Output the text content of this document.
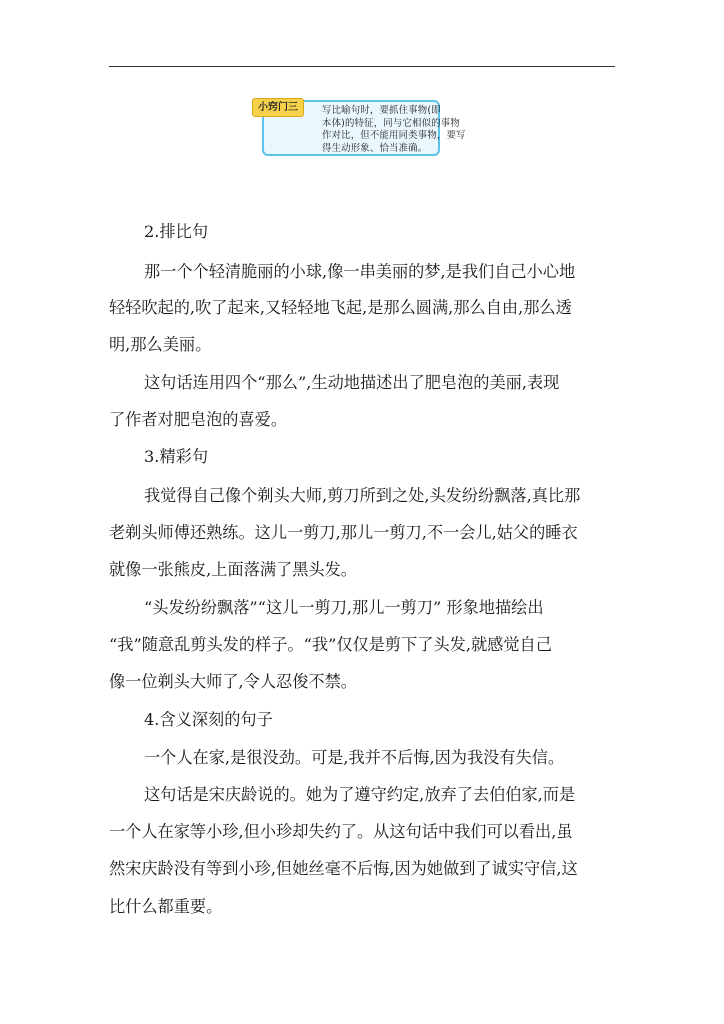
小窍门三	写比喻句时，要抓住事物(即
本体)的特征，同与它相似的事物
作对比，但不能用同类事物，要写
得生动形象、恰当准确。
2.排比句
那一个个轻清脆丽的小球,像一串美丽的梦,是我们自己小心地
轻轻吹起的,吹了起来,又轻轻地飞起,是那么圆满,那么自由,那么透
明,那么美丽。
这句话连用四个“那么”,生动地描述出了肥皂泡的美丽,表现
了作者对肥皂泡的喜爱。
3.精彩句
我觉得自己像个剃头大师,剪刀所到之处,头发纷纷飘落,真比那
老剃头师傅还熟练。这儿一剪刀,那儿一剪刀,不一会儿,姑父的睡衣
就像一张熊皮,上面落满了黑头发。
“头发纷纷飘落”“这儿一剪刀,那儿一剪刀” 形象地描绘出
“我”随意乱剪头发的样子。“我”仅仅是剪下了头发,就感觉自己
像一位剃头大师了,令人忍俊不禁。
4.含义深刻的句子
一个人在家,是很没劲。可是,我并不后悔,因为我没有失信。
这句话是宋庆龄说的。她为了遵守约定,放弃了去伯伯家,而是
一个人在家等小珍,但小珍却失约了。从这句话中我们可以看出,虽
然宋庆龄没有等到小珍,但她丝毫不后悔,因为她做到了诚实守信,这
比什么都重要。
